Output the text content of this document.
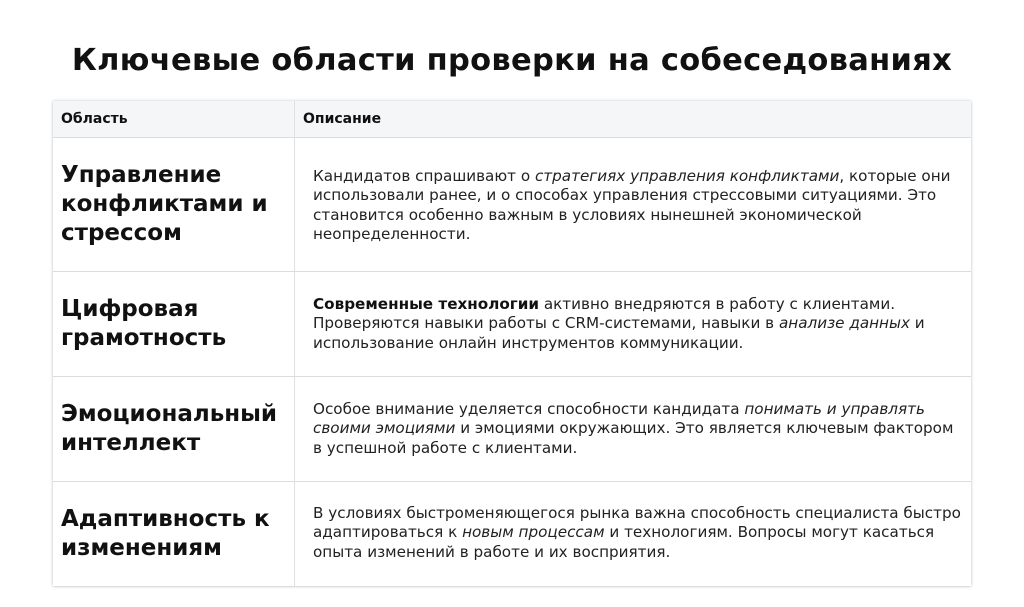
Ключевые области проверки на собеседованиях
Область	Описание
Управление конфликтами и стрессом
Кандидатов спрашивают о стратегиях управления конфликтами, которые они использовали ранее, и о способах управления стрессовыми ситуациями. Это становится особенно важным в условиях нынешней экономической неопределенности.
Цифровая грамотность
Современные технологии активно внедряются в работу с клиентами. Проверяются навыки работы с CRM-системами, навыки в анализе данных и использование онлайн инструментов коммуникации.
Эмоциональный интеллект
Особое внимание уделяется способности кандидата понимать и управлять своими эмоциями и эмоциями окружающих. Это является ключевым фактором в успешной работе с клиентами.
Адаптивность к изменениям
В условиях быстроменяющегося рынка важна способность специалиста быстро адаптироваться к новым процессам и технологиям. Вопросы могут касаться опыта изменений в работе и их восприятия.
